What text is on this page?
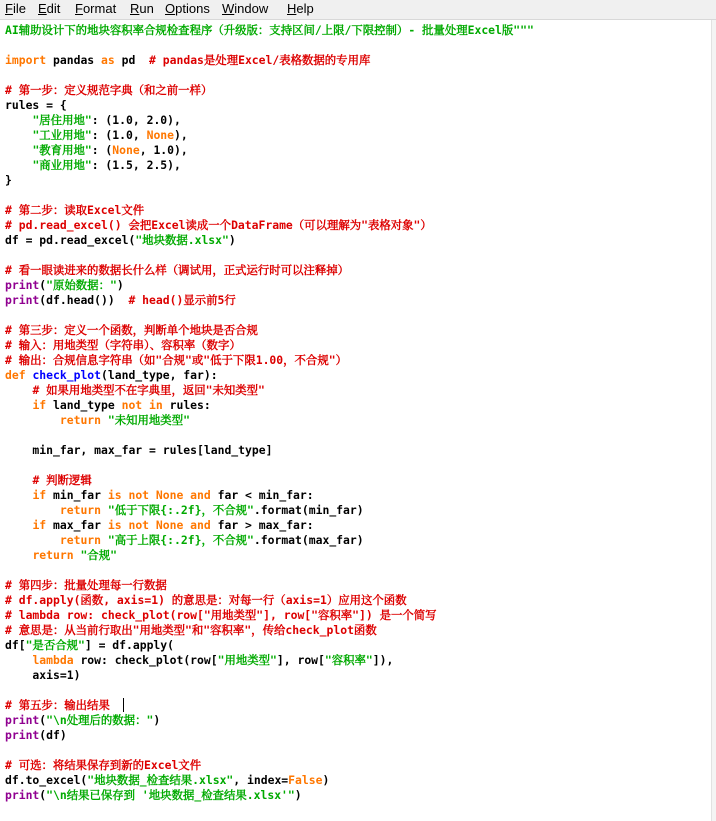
File Edit Format Run Options Window Help
AI辅助设计下的地块容积率合规检查程序（升级版：支持区间/上限/下限控制）- 批量处理Excel版"""
import pandas as pd  # pandas是处理Excel/表格数据的专用库
# 第一步：定义规范字典（和之前一样）
rules = {
"居住用地": (1.0, 2.0),
"工业用地": (1.0, None),
"教育用地": (None, 1.0),
"商业用地": (1.5, 2.5),
}
# 第二步：读取Excel文件
# pd.read_excel() 会把Excel读成一个DataFrame（可以理解为"表格对象"）
df = pd.read_excel("地块数据.xlsx")
# 看一眼读进来的数据长什么样（调试用，正式运行时可以注释掉）
print("原始数据：")
print(df.head())  # head()显示前5行
# 第三步：定义一个函数，判断单个地块是否合规
# 输入：用地类型（字符串）、容积率（数字）
# 输出：合规信息字符串（如"合规"或"低于下限1.00，不合规"）
def check_plot(land_type, far):
# 如果用地类型不在字典里，返回"未知类型"
if land_type not in rules:
return "未知用地类型"
min_far, max_far = rules[land_type]
# 判断逻辑
if min_far is not None and far < min_far:
return "低于下限{:.2f}，不合规".format(min_far)
if max_far is not None and far > max_far:
return "高于上限{:.2f}，不合规".format(max_far)
return "合规"
# 第四步：批量处理每一行数据
# df.apply(函数, axis=1) 的意思是：对每一行（axis=1）应用这个函数
# lambda row: check_plot(row["用地类型"], row["容积率"]) 是一个简写
# 意思是：从当前行取出"用地类型"和"容积率"，传给check_plot函数
df["是否合规"] = df.apply(
lambda row: check_plot(row["用地类型"], row["容积率"]),
axis=1)
# 第五步：输出结果
print("\n处理后的数据：")
print(df)
# 可选：将结果保存到新的Excel文件
df.to_excel("地块数据_检查结果.xlsx", index=False)
print("\n结果已保存到 '地块数据_检查结果.xlsx'")
